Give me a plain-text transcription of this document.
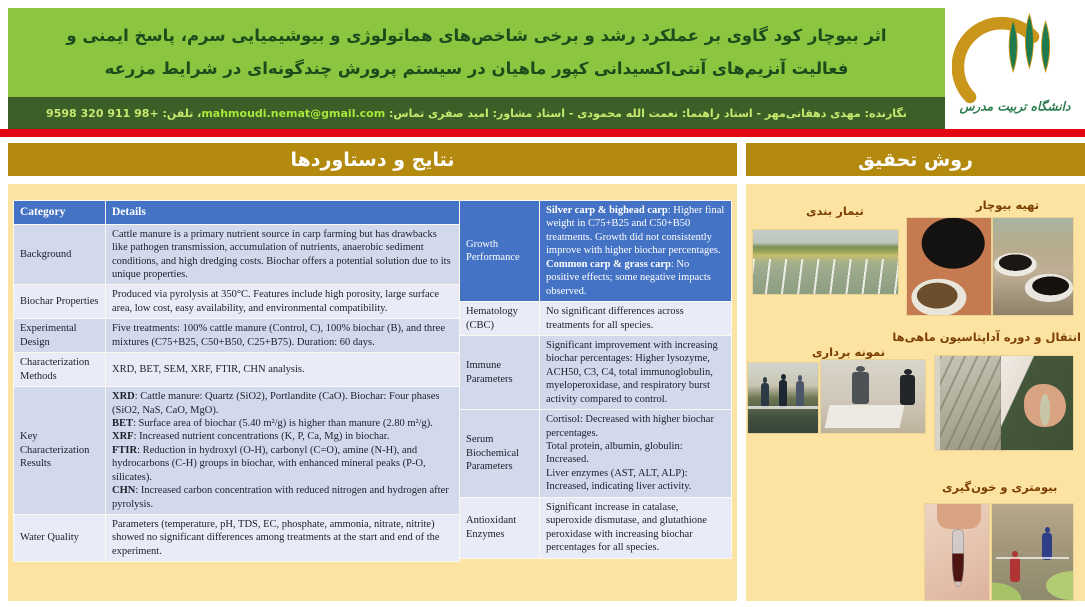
اثر بیوچار کود گاوی بر عملکرد رشد و برخی شاخص‌های هماتولوژی و بیوشیمیایی سرم، پاسخ ایمنی و فعالیت آنزیم‌های آنتی‌اکسیدانی کپور ماهیان در سیستم پرورش چندگونه‌ای در شرایط مزرعه
نگارنده: مهدی دهقانی‌مهر - استاد راهنما: نعمت الله محمودی - استاد مشاور: امید صفری تماس: mahmoudi.nemat@gmail.com، تلفن: +98 911 320 9598
دانشگاه تربیت مدرس
نتایج و دستاوردها	روش تحقیق
Category	Details
Background	Cattle manure is a primary nutrient source in carp farming but has drawbacks like pathogen transmission, accumulation of nutrients, anaerobic sediment conditions, and high dredging costs. Biochar offers a potential solution due to its unique properties.
Biochar Properties	Produced via pyrolysis at 350°C. Features include high porosity, large surface area, low cost, easy availability, and environmental compatibility.
Experimental Design	Five treatments: 100% cattle manure (Control, C), 100% biochar (B), and three mixtures (C75+B25, C50+B50, C25+B75). Duration: 60 days.
Characterization Methods	XRD, BET, SEM, XRF, FTIR, CHN analysis.
Key Characterization Results	XRD: Cattle manure: Quartz (SiO2), Portlandite (CaO). Biochar: Four phases (SiO2, NaS, CaO, MgO).
BET: Surface area of biochar (5.40 m²/g) is higher than manure (2.80 m²/g).
XRF: Increased nutrient concentrations (K, P, Ca, Mg) in biochar.
FTIR: Reduction in hydroxyl (O-H), carbonyl (C=O), amine (N-H), and hydrocarbons (C-H) groups in biochar, with enhanced mineral peaks (P-O, silicates).
CHN: Increased carbon concentration with reduced nitrogen and hydrogen after pyrolysis.
Water Quality	Parameters (temperature, pH, TDS, EC, phosphate, ammonia, nitrate, nitrite) showed no significant differences among treatments at the start and end of the experiment.
Growth Performance	Silver carp & bighead carp: Higher final weight in C75+B25 and C50+B50 treatments. Growth did not consistently improve with higher biochar percentages.
Common carp & grass carp: No positive effects; some negative impacts observed.
Hematology (CBC)	No significant differences across treatments for all species.
Immune Parameters	Significant improvement with increasing biochar percentages: Higher lysozyme, ACH50, C3, C4, total immunoglobulin, myeloperoxidase, and respiratory burst activity compared to control.
Serum Biochemical Parameters	Cortisol: Decreased with higher biochar percentages.
Total protein, albumin, globulin: Increased.
Liver enzymes (AST, ALT, ALP): Increased, indicating liver activity.
Antioxidant Enzymes	Significant increase in catalase, superoxide dismutase, and glutathione peroxidase with increasing biochar percentages for all species.
تهیه بیوچار
تیمار بندی
انتقال و دوره آداپتاسیون ماهی‌ها
نمونه برداری
بیومتری و خون‌گیری
